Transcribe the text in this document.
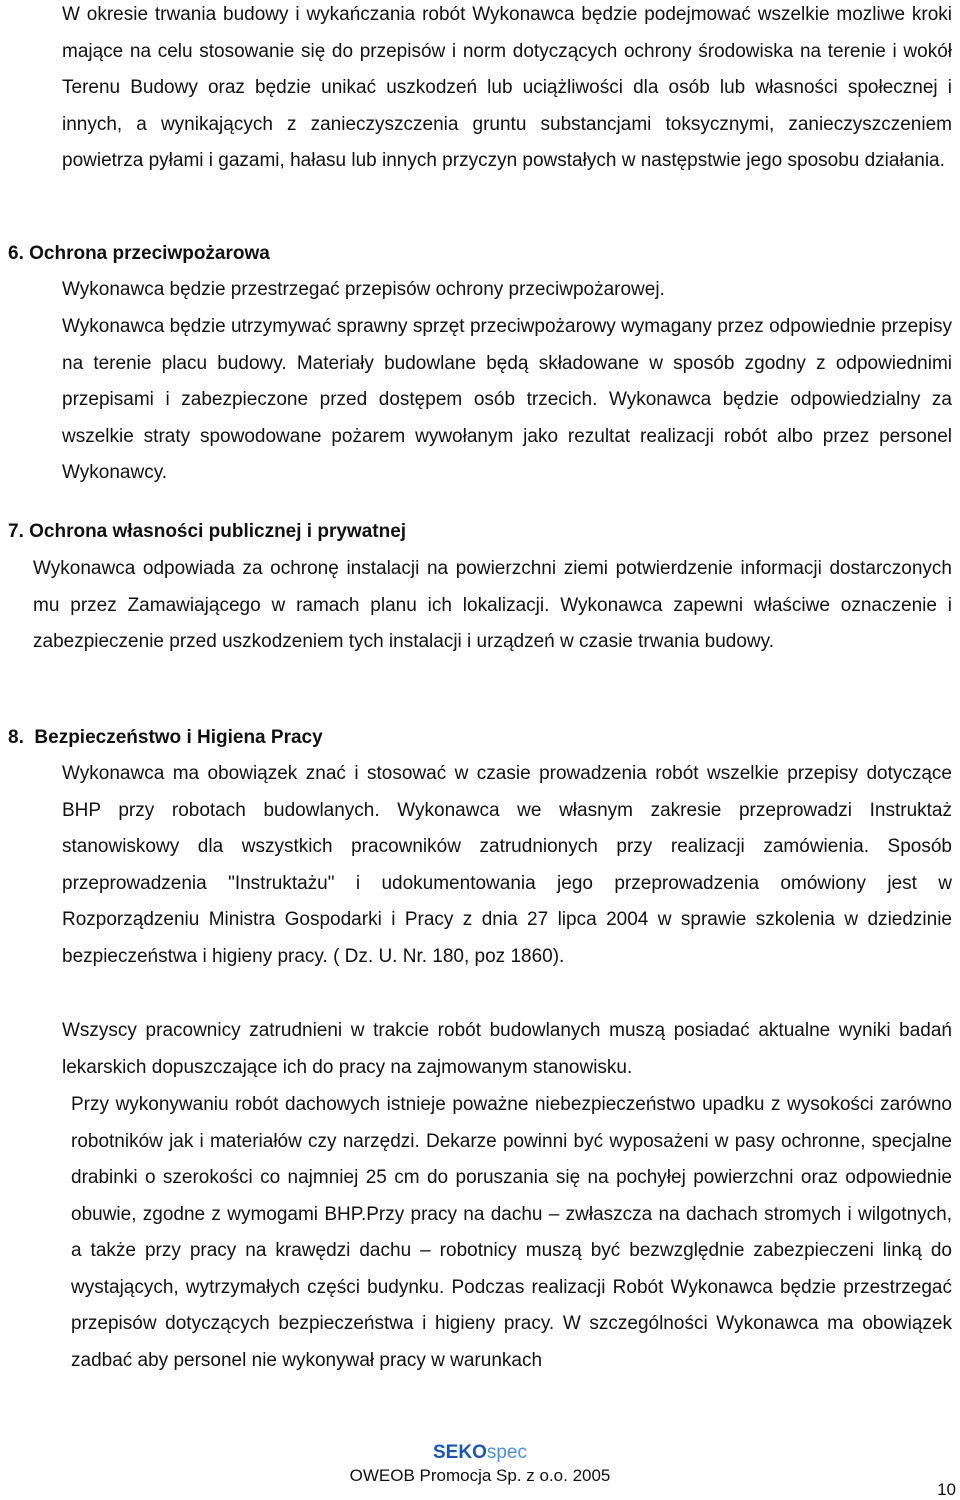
W okresie trwania budowy i wykańczania robót Wykonawca będzie podejmować wszelkie mozliwe kroki mające na celu stosowanie się do przepisów i norm dotyczących ochrony środowiska na terenie i wokół Terenu Budowy oraz będzie unikać uszkodzeń lub uciążliwości dla osób lub własności społecznej i innych, a wynikających z zanieczyszczenia gruntu substancjami toksycznymi, zanieczyszczeniem powietrza pyłami i gazami, hałasu lub innych przyczyn powstałych w następstwie jego sposobu działania.

6. Ochrona przeciwpożarowa

Wykonawca będzie przestrzegać przepisów ochrony przeciwpożarowej.

Wykonawca będzie utrzymywać sprawny sprzęt przeciwpożarowy wymagany przez odpowiednie przepisy na terenie placu budowy. Materiały budowlane będą składowane w sposób zgodny z odpowiednimi przepisami i zabezpieczone przed dostępem osób trzecich. Wykonawca będzie odpowiedzialny za wszelkie straty spowodowane pożarem wywołanym jako rezultat realizacji robót albo przez personel Wykonawcy.

7. Ochrona własności publicznej i prywatnej

Wykonawca odpowiada za ochronę instalacji na powierzchni ziemi potwierdzenie informacji dostarczonych mu przez Zamawiającego w ramach planu ich lokalizacji. Wykonawca zapewni właściwe oznaczenie i zabezpieczenie przed uszkodzeniem tych instalacji i urządzeń w czasie trwania budowy.

8.  Bezpieczeństwo i Higiena Pracy

Wykonawca ma obowiązek znać i stosować w czasie prowadzenia robót wszelkie przepisy dotyczące BHP przy robotach budowlanych. Wykonawca we własnym zakresie przeprowadzi Instruktaż stanowiskowy dla wszystkich pracowników zatrudnionych przy realizacji zamówienia. Sposób przeprowadzenia "Instruktażu" i udokumentowania jego przeprowadzenia omówiony jest w Rozporządzeniu Ministra Gospodarki i Pracy z dnia 27 lipca 2004 w sprawie szkolenia w dziedzinie bezpieczeństwa i higieny pracy. ( Dz. U. Nr. 180, poz 1860).

Wszyscy pracownicy zatrudnieni w trakcie robót budowlanych muszą posiadać aktualne wyniki badań lekarskich dopuszczające ich do pracy na zajmowanym stanowisku.

Przy wykonywaniu robót dachowych istnieje poważne niebezpieczeństwo upadku z wysokości zarówno robotników jak i materiałów czy narzędzi. Dekarze powinni być wyposażeni w pasy ochronne, specjalne drabinki o szerokości co najmniej 25 cm do poruszania się na pochyłej powierzchni oraz odpowiednie obuwie, zgodne z wymogami BHP.Przy pracy na dachu – zwłaszcza na dachach stromych i wilgotnych, a także przy pracy na krawędzi dachu – robotnicy muszą być bezwzględnie zabezpieczeni linką do wystających, wytrzymałych części budynku. Podczas realizacji Robót Wykonawca będzie przestrzegać przepisów dotyczących bezpieczeństwa i higieny pracy. W szczególności Wykonawca ma obowiązek zadbać aby personel nie wykonywał pracy w warunkach

SEKOspec
OWEOB Promocja Sp. z o.o. 2005
10
